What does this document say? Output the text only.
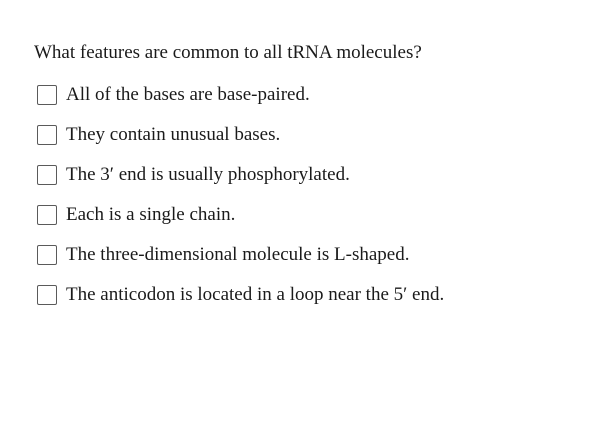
What features are common to all tRNA molecules?
All of the bases are base-paired.
They contain unusual bases.
The 3′ end is usually phosphorylated.
Each is a single chain.
The three-dimensional molecule is L-shaped.
The anticodon is located in a loop near the 5′ end.
